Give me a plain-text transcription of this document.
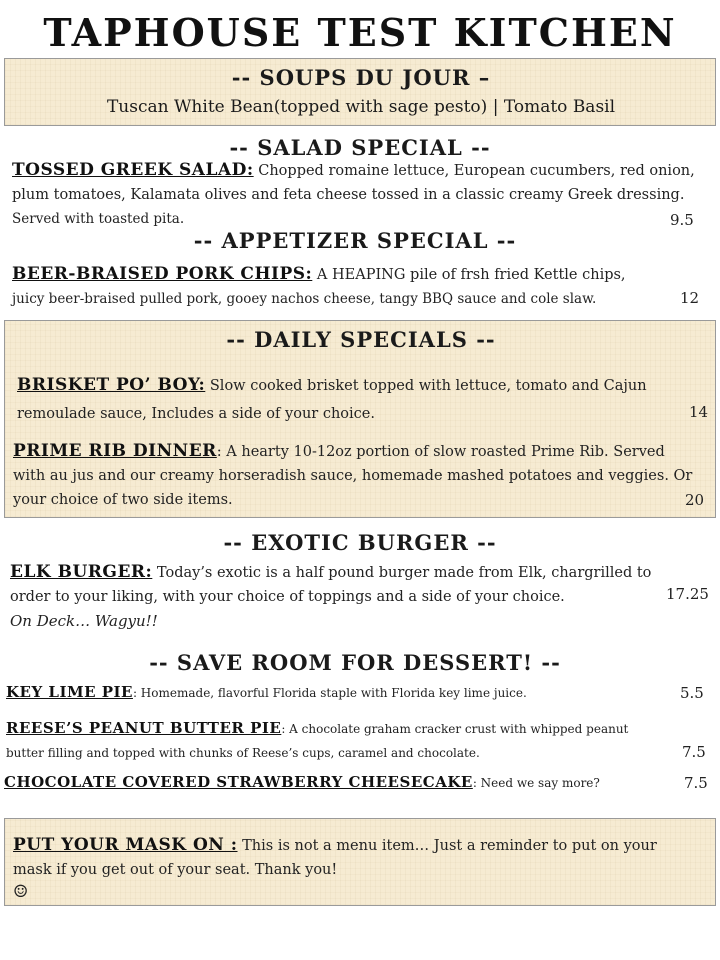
TAPHOUSE TEST KITCHEN
-- SOUPS DU JOUR –
Tuscan White Bean(topped with sage pesto) | Tomato Basil
-- SALAD SPECIAL --
TOSSED GREEK SALAD: Chopped romaine lettuce, European cucumbers, red onion,
plum tomatoes, Kalamata olives and feta cheese tossed in a classic creamy Greek dressing.
Served with toasted pita.	9.5
-- APPETIZER SPECIAL --
BEER-BRAISED PORK CHIPS: A HEAPING pile of frsh fried Kettle chips,
juicy beer-braised pulled pork, gooey nachos cheese, tangy BBQ sauce and cole slaw.	12
-- DAILY SPECIALS --
BRISKET PO’ BOY: Slow cooked brisket topped with lettuce, tomato and Cajun
remoulade sauce, Includes a side of your choice.	14
PRIME RIB DINNER: A hearty 10-12oz portion of slow roasted Prime Rib. Served
with au jus and our creamy horseradish sauce, homemade mashed potatoes and veggies. Or
your choice of two side items.	20
-- EXOTIC BURGER --
ELK BURGER: Today’s exotic is a half pound burger made from Elk, chargrilled to
order to your liking, with your choice of toppings and a side of your choice.
On Deck… Wagyu!!
17.25
-- SAVE ROOM FOR DESSERT! --
KEY LIME PIE: Homemade, flavorful Florida staple with Florida key lime juice.	5.5
REESE’S PEANUT BUTTER PIE: A chocolate graham cracker crust with whipped peanut
butter filling and topped with chunks of Reese’s cups, caramel and chocolate.	7.5
CHOCOLATE COVERED STRAWBERRY CHEESECAKE: Need we say more?	7.5
PUT YOUR MASK ON : This is not a menu item… Just a reminder to put on your
mask if you get out of your seat. Thank you!
☺
